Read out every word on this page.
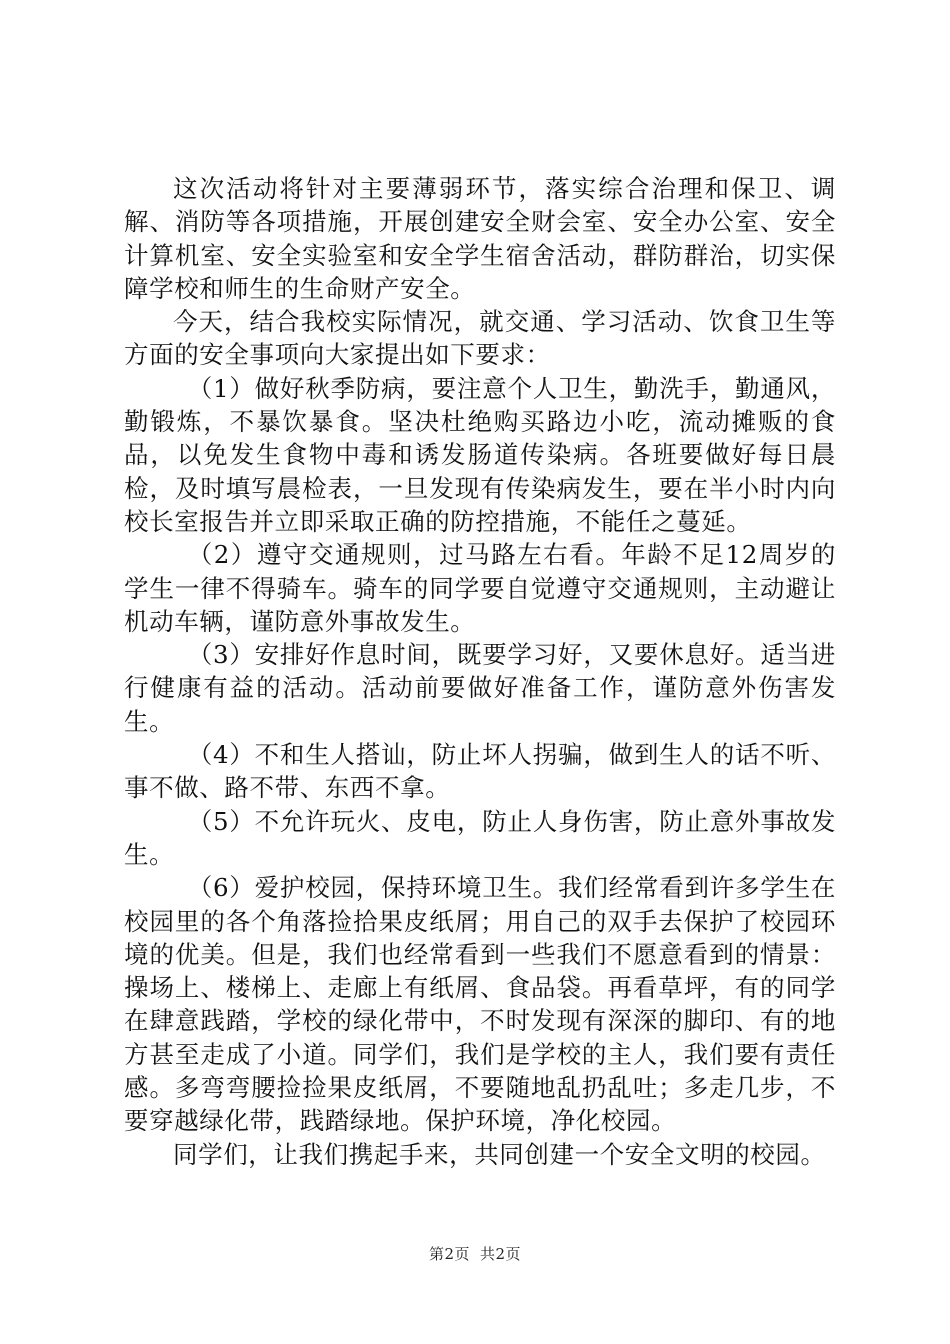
这次活动将针对主要薄弱环节，落实综合治理和保卫、调解、消防等各项措施，开展创建安全财会室、安全办公室、安全计算机室、安全实验室和安全学生宿舍活动，群防群治，切实保障学校和师生的生命财产安全。

今天，结合我校实际情况，就交通、学习活动、饮食卫生等方面的安全事项向大家提出如下要求：

（1）做好秋季防病，要注意个人卫生，勤洗手，勤通风，勤锻炼，不暴饮暴食。坚决杜绝购买路边小吃，流动摊贩的食品，以免发生食物中毒和诱发肠道传染病。各班要做好每日晨检，及时填写晨检表，一旦发现有传染病发生，要在半小时内向校长室报告并立即采取正确的防控措施，不能任之蔓延。

（2）遵守交通规则，过马路左右看。年龄不足12周岁的学生一律不得骑车。骑车的同学要自觉遵守交通规则，主动避让机动车辆，谨防意外事故发生。

（3）安排好作息时间，既要学习好，又要休息好。适当进行健康有益的活动。活动前要做好准备工作，谨防意外伤害发生。

（4）不和生人搭讪，防止坏人拐骗，做到生人的话不听、事不做、路不带、东西不拿。

（5）不允许玩火、皮电，防止人身伤害，防止意外事故发生。

（6）爱护校园，保持环境卫生。我们经常看到许多学生在校园里的各个角落捡拾果皮纸屑；用自己的双手去保护了校园环境的优美。但是，我们也经常看到一些我们不愿意看到的情景：操场上、楼梯上、走廊上有纸屑、食品袋。再看草坪，有的同学在肆意践踏，学校的绿化带中，不时发现有深深的脚印、有的地方甚至走成了小道。同学们，我们是学校的主人，我们要有责任感。多弯弯腰捡捡果皮纸屑，不要随地乱扔乱吐；多走几步，不要穿越绿化带，践踏绿地。保护环境，净化校园。

同学们，让我们携起手来，共同创建一个安全文明的校园。

第2页 共2页
